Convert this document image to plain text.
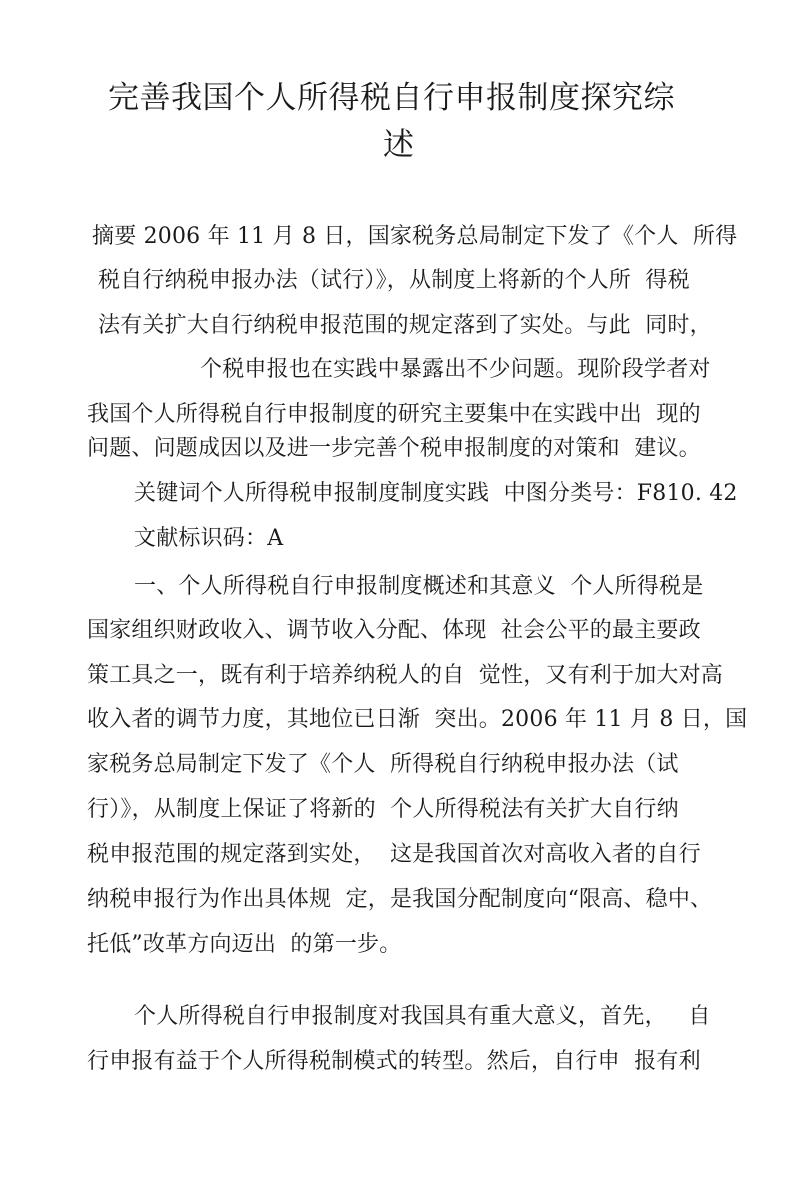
完善我国个人所得税自行申报制度探究综
述
摘要 2006 年 11 月 8 日，国家税务总局制定下发了《个人  所得
税自行纳税申报办法（试行）》，从制度上将新的个人所  得税
法有关扩大自行纳税申报范围的规定落到了实处。与此  同时，
个税申报也在实践中暴露出不少问题。现阶段学者对
我国个人所得税自行申报制度的研究主要集中在实践中出  现的
问题、问题成因以及进一步完善个税申报制度的对策和  建议。
关键词个人所得税申报制度制度实践  中图分类号：F810. 42
文献标识码：A
一、个人所得税自行申报制度概述和其意义  个人所得税是
国家组织财政收入、调节收入分配、体现  社会公平的最主要政
策工具之一，既有利于培养纳税人的自  觉性，又有利于加大对高
收入者的调节力度，其地位已日渐  突出。2006 年 11 月 8 日，国
家税务总局制定下发了《个人  所得税自行纳税申报办法（试
行）》，从制度上保证了将新的  个人所得税法有关扩大自行纳
税申报范围的规定落到实处，  这是我国首次对高收入者的自行
纳税申报行为作出具体规  定，是我国分配制度向“限高、稳中、
托低”改革方向迈出  的第一步。
个人所得税自行申报制度对我国具有重大意义，首先，   自
行申报有益于个人所得税制模式的转型。然后，自行申  报有利
